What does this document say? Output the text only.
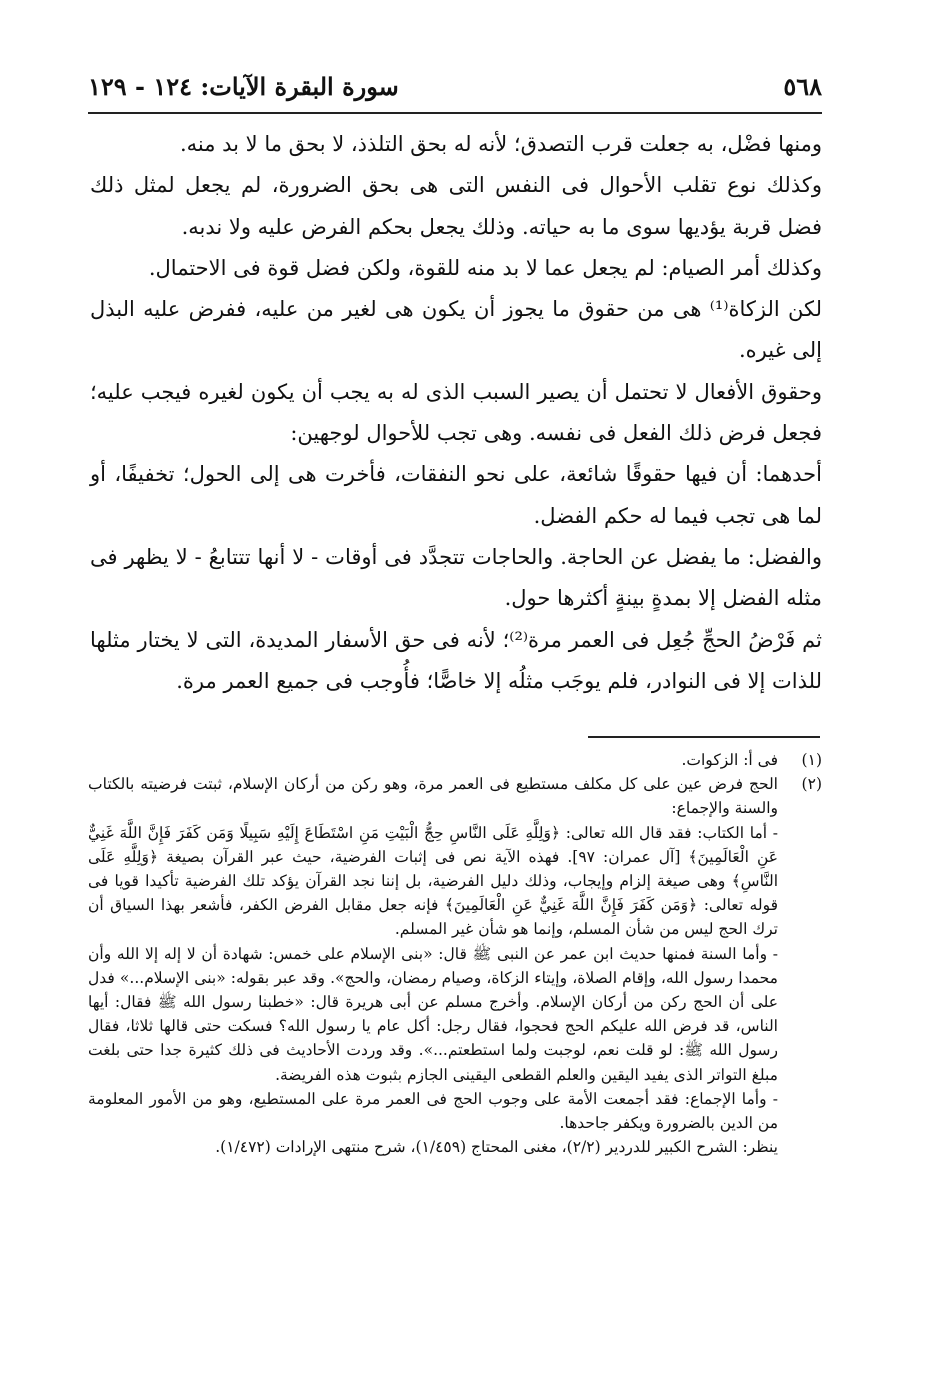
٥٦٨
سورة البقرة الآيات: ١٢٤ - ١٢٩

ومنها فضْل، به جعلت قرب التصدق؛ لأنه له بحق التلذذ، لا بحق ما لا بد منه.

وكذلك نوع تقلب الأحوال فى النفس التى هى بحق الضرورة، لم يجعل لمثل ذلك فضل قربة يؤديها سوى ما به حياته. وذلك يجعل بحكم الفرض عليه ولا ندبه.

وكذلك أمر الصيام: لم يجعل عما لا بد منه للقوة، ولكن فضل قوة فى الاحتمال.

لكن الزكاة⁽¹⁾ هى من حقوق ما يجوز أن يكون هى لغير من عليه، ففرض عليه البذل إلى غيره.

وحقوق الأفعال لا تحتمل أن يصير السبب الذى له به يجب أن يكون لغيره فيجب عليه؛ فجعل فرض ذلك الفعل فى نفسه. وهى تجب للأحوال لوجهين:

أحدهما: أن فيها حقوقًا شائعة، على نحو النفقات، فأخرت هى إلى الحول؛ تخفيفًا، أو لما هى تجب فيما له حكم الفضل.

والفضل: ما يفضل عن الحاجة. والحاجات تتجدَّد فى أوقات - لا أنها تتتابعُ - لا يظهر فى مثله الفضل إلا بمدةٍ بينةٍ أكثرها حول.

ثم فَرْضُ الحجِّ جُعِل فى العمر مرة⁽²⁾؛ لأنه فى حق الأسفار المديدة، التى لا يختار مثلها للذات إلا فى النوادر، فلم يوجَب مثلُه إلا خاصًّا؛ فأُوجب فى جميع العمر مرة.

(١)
فى أ: الزكوات.
(٢)
الحج فرض عين على كل مكلف مستطيع فى العمر مرة، وهو ركن من أركان الإسلام، ثبتت فرضيته بالكتاب والسنة والإجماع:
- أما الكتاب: فقد قال الله تعالى: ﴿وَلِلَّهِ عَلَى النَّاسِ حِجُّ الْبَيْتِ مَنِ اسْتَطَاعَ إِلَيْهِ سَبِيلًا وَمَن كَفَرَ فَإِنَّ اللَّهَ غَنِيٌّ عَنِ الْعَالَمِينَ﴾ [آل عمران: ٩٧]. فهذه الآية نص فى إثبات الفرضية، حيث عبر القرآن بصيغة ﴿وَلِلَّهِ عَلَى النَّاسِ﴾ وهى صيغة إلزام وإيجاب، وذلك دليل الفرضية، بل إننا نجد القرآن يؤكد تلك الفرضية تأكيدا قويا فى قوله تعالى: ﴿وَمَن كَفَرَ فَإِنَّ اللَّهَ غَنِيٌّ عَنِ الْعَالَمِينَ﴾ فإنه جعل مقابل الفرض الكفر، فأشعر بهذا السياق أن ترك الحج ليس من شأن المسلم، وإنما هو شأن غير المسلم.
- وأما السنة فمنها حديث ابن عمر عن النبى ﷺ قال: «بنى الإسلام على خمس: شهادة أن لا إله إلا الله وأن محمدا رسول الله، وإقام الصلاة، وإيتاء الزكاة، وصيام رمضان، والحج». وقد عبر بقوله: «بنى الإسلام...» فدل على أن الحج ركن من أركان الإسلام. وأخرج مسلم عن أبى هريرة قال: «خطبنا رسول الله ﷺ فقال: أيها الناس، قد فرض الله عليكم الحج فحجوا، فقال رجل: أكل عام يا رسول الله؟ فسكت حتى قالها ثلاثا، فقال رسول الله ﷺ: لو قلت نعم، لوجبت ولما استطعتم...». وقد وردت الأحاديث فى ذلك كثيرة جدا حتى بلغت مبلغ التواتر الذى يفيد اليقين والعلم القطعى اليقينى الجازم بثبوت هذه الفريضة.
- وأما الإجماع: فقد أجمعت الأمة على وجوب الحج فى العمر مرة على المستطيع، وهو من الأمور المعلومة من الدين بالضرورة ويكفر جاحدها.
ينظر: الشرح الكبير للدردير (٢/٢)، مغنى المحتاج (١/٤٥٩)، شرح منتهى الإرادات (١/٤٧٢).
